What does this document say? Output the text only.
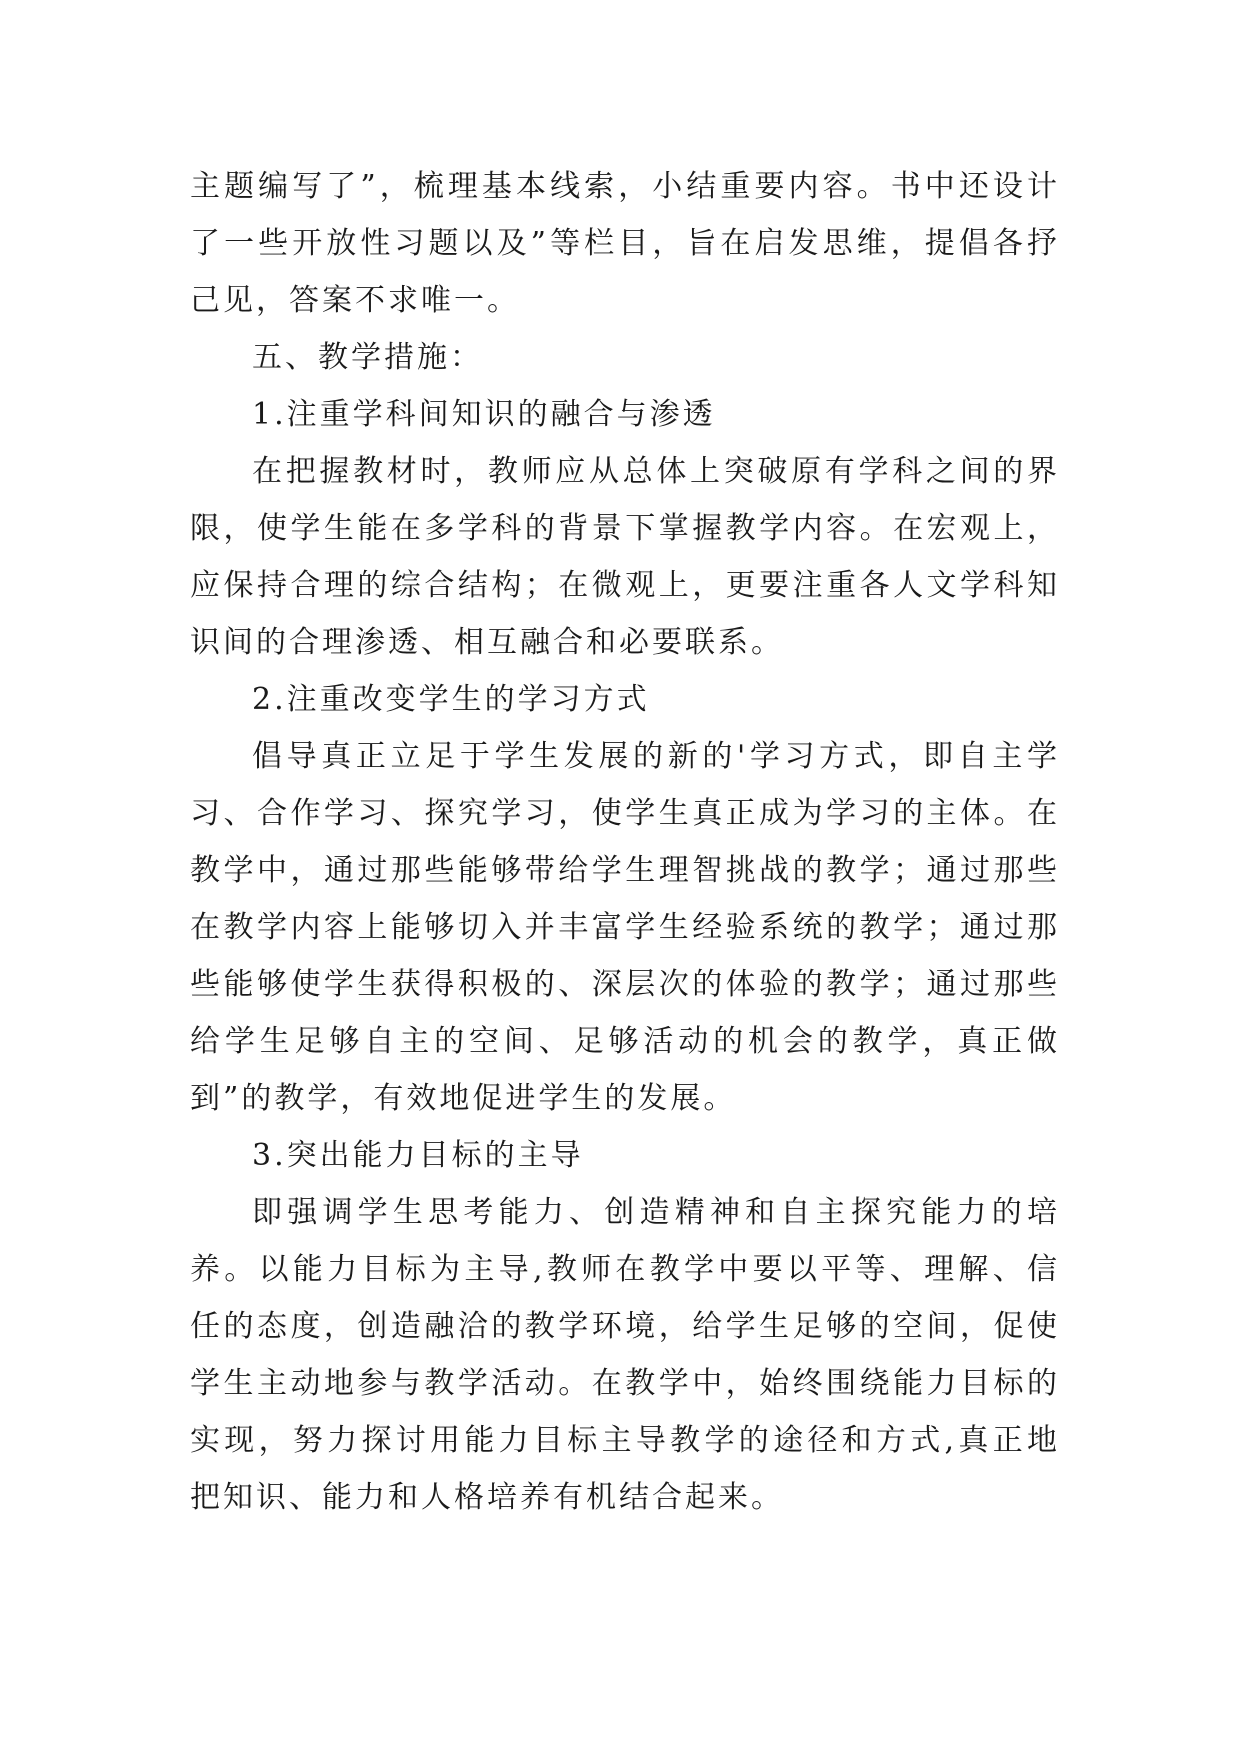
主题编写了”，梳理基本线索，小结重要内容。书中还设计了一些开放性习题以及”等栏目，旨在启发思维，提倡各抒己见，答案不求唯一。

五、教学措施：

1.注重学科间知识的融合与渗透

在把握教材时，教师应从总体上突破原有学科之间的界限，使学生能在多学科的背景下掌握教学内容。在宏观上，应保持合理的综合结构；在微观上，更要注重各人文学科知识间的合理渗透、相互融合和必要联系。

2.注重改变学生的学习方式

倡导真正立足于学生发展的新的'学习方式，即自主学习、合作学习、探究学习，使学生真正成为学习的主体。在教学中，通过那些能够带给学生理智挑战的教学；通过那些在教学内容上能够切入并丰富学生经验系统的教学；通过那些能够使学生获得积极的、深层次的体验的教学；通过那些给学生足够自主的空间、足够活动的机会的教学，真正做到”的教学，有效地促进学生的发展。

3.突出能力目标的主导

即强调学生思考能力、创造精神和自主探究能力的培养。以能力目标为主导,教师在教学中要以平等、理解、信任的态度，创造融洽的教学环境，给学生足够的空间，促使学生主动地参与教学活动。在教学中，始终围绕能力目标的实现，努力探讨用能力目标主导教学的途径和方式,真正地把知识、能力和人格培养有机结合起来。
